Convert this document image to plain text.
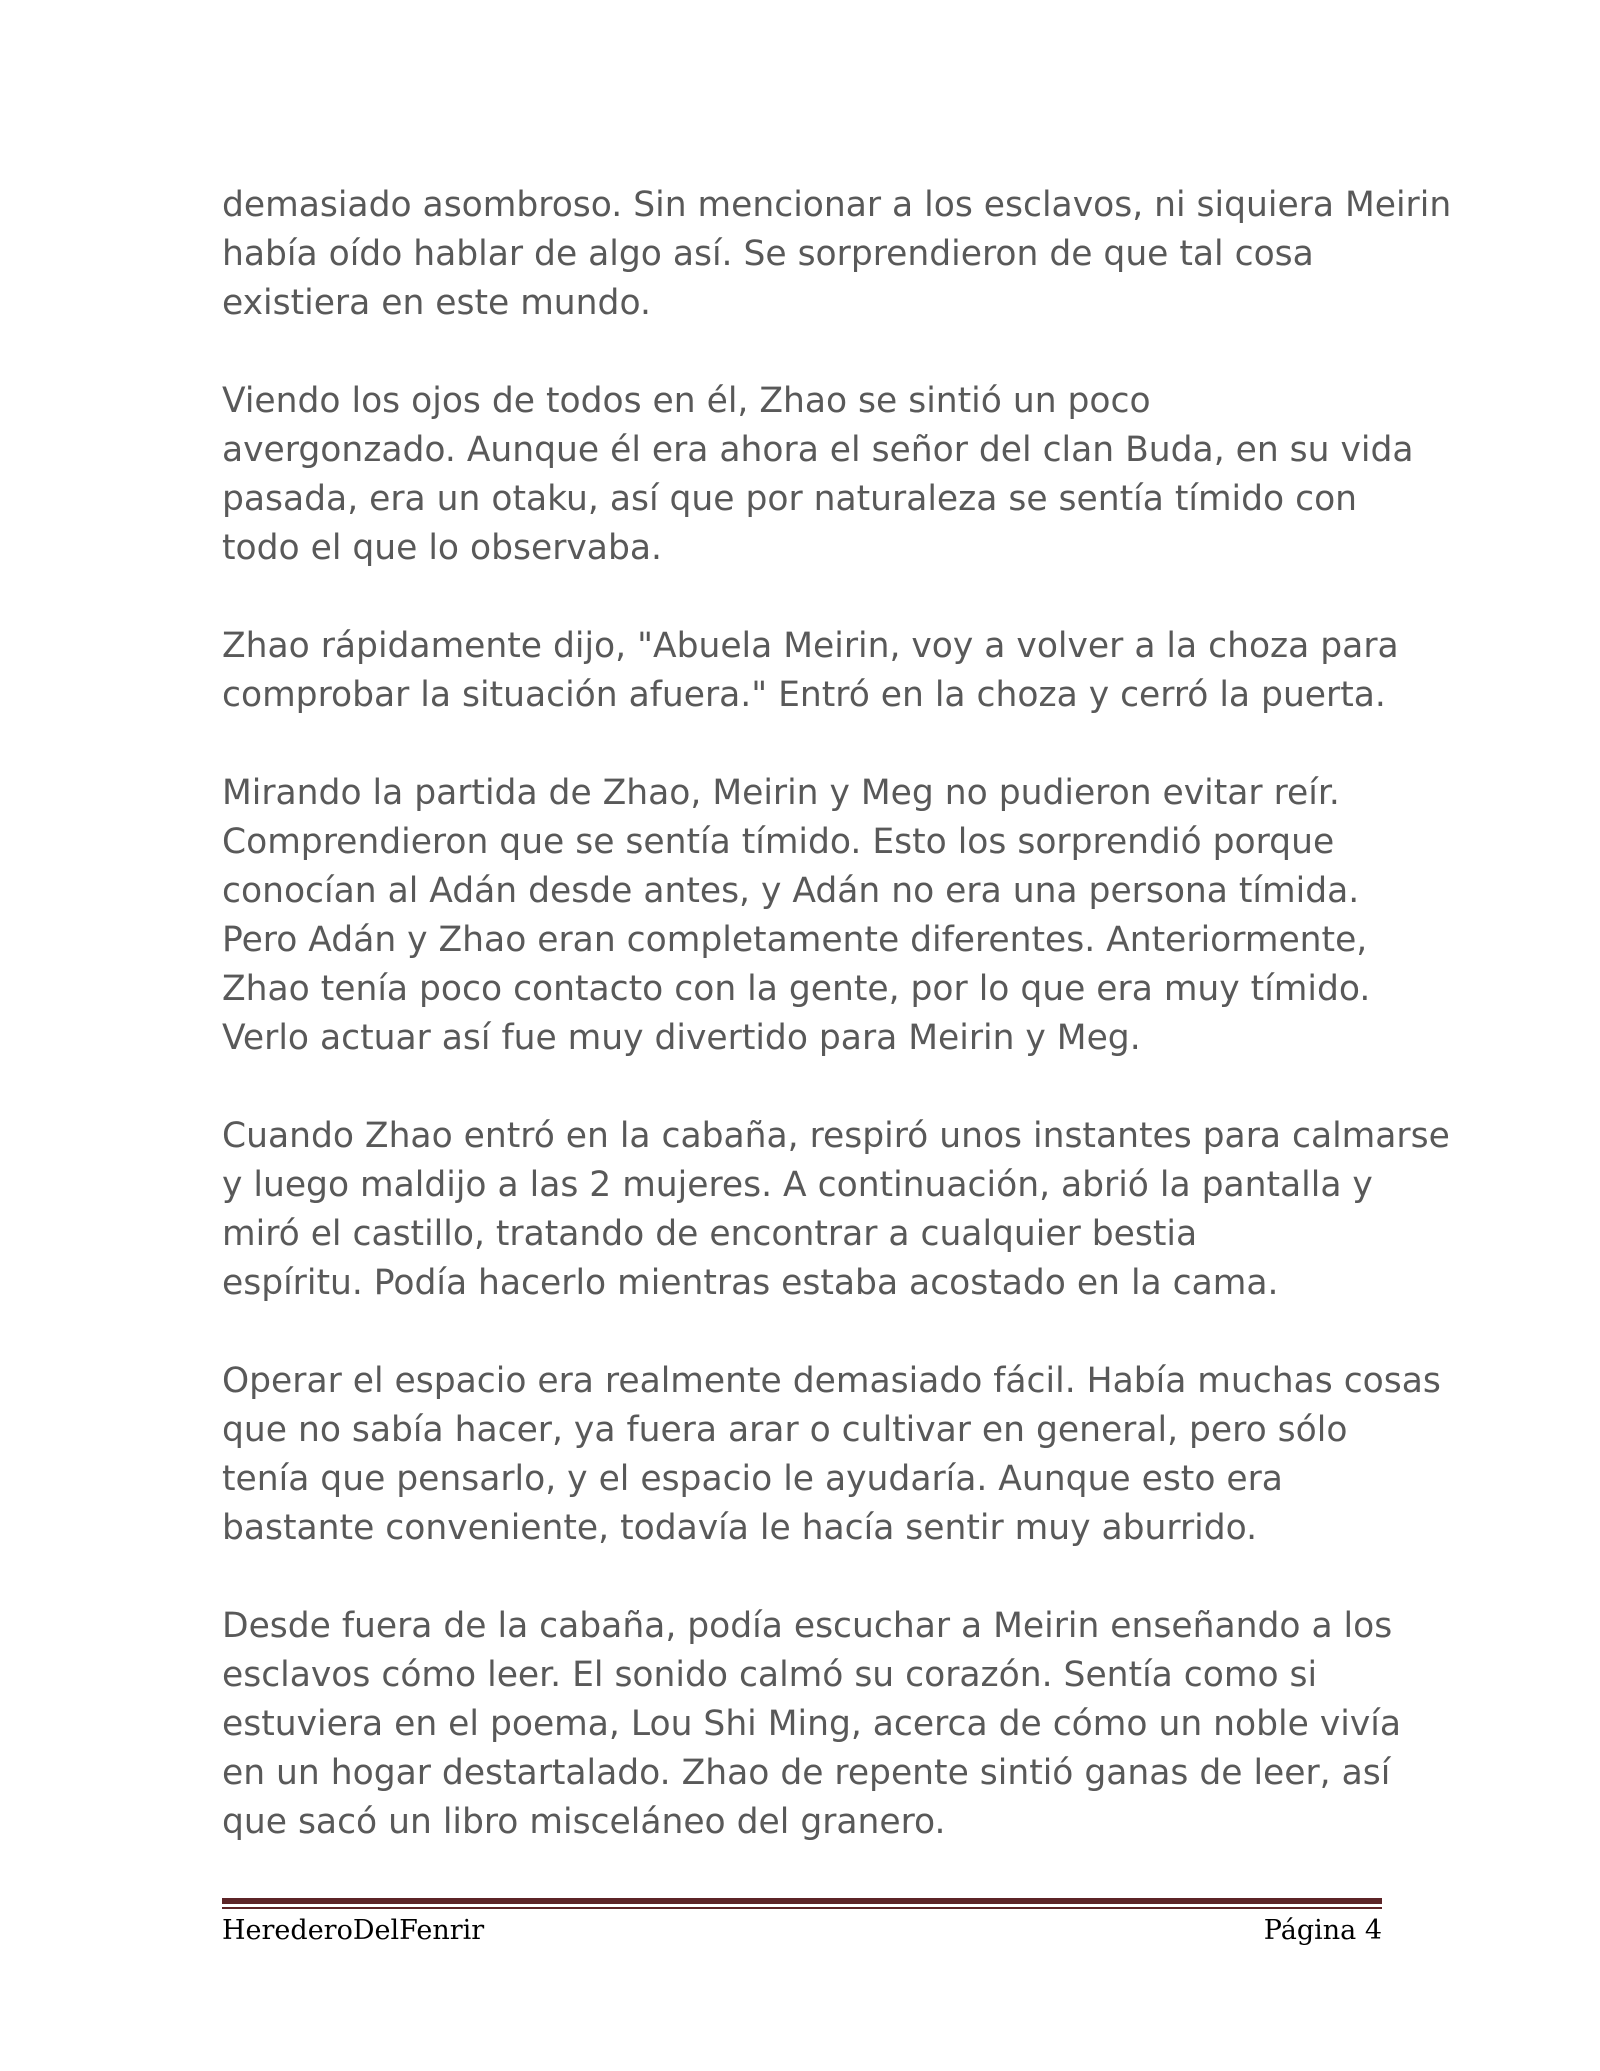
demasiado asombroso. Sin mencionar a los esclavos, ni siquiera Meirin
había oído hablar de algo así. Se sorprendieron de que tal cosa
existiera en este mundo.

Viendo los ojos de todos en él, Zhao se sintió un poco
avergonzado. Aunque él era ahora el señor del clan Buda, en su vida
pasada, era un otaku, así que por naturaleza se sentía tímido con
todo el que lo observaba.

Zhao rápidamente dijo, "Abuela Meirin, voy a volver a la choza para
comprobar la situación afuera." Entró en la choza y cerró la puerta.

Mirando la partida de Zhao, Meirin y Meg no pudieron evitar reír.
Comprendieron que se sentía tímido. Esto los sorprendió porque
conocían al Adán desde antes, y Adán no era una persona tímida.
Pero Adán y Zhao eran completamente diferentes. Anteriormente,
Zhao tenía poco contacto con la gente, por lo que era muy tímido.
Verlo actuar así fue muy divertido para Meirin y Meg.

Cuando Zhao entró en la cabaña, respiró unos instantes para calmarse
y luego maldijo a las 2 mujeres. A continuación, abrió la pantalla y
miró el castillo, tratando de encontrar a cualquier bestia
espíritu. Podía hacerlo mientras estaba acostado en la cama.

Operar el espacio era realmente demasiado fácil. Había muchas cosas
que no sabía hacer, ya fuera arar o cultivar en general, pero sólo
tenía que pensarlo, y el espacio le ayudaría. Aunque esto era
bastante conveniente, todavía le hacía sentir muy aburrido.

Desde fuera de la cabaña, podía escuchar a Meirin enseñando a los
esclavos cómo leer. El sonido calmó su corazón. Sentía como si
estuviera en el poema, Lou Shi Ming, acerca de cómo un noble vivía
en un hogar destartalado. Zhao de repente sintió ganas de leer, así
que sacó un libro misceláneo del granero.

HerederoDelFenrir	Página 4
